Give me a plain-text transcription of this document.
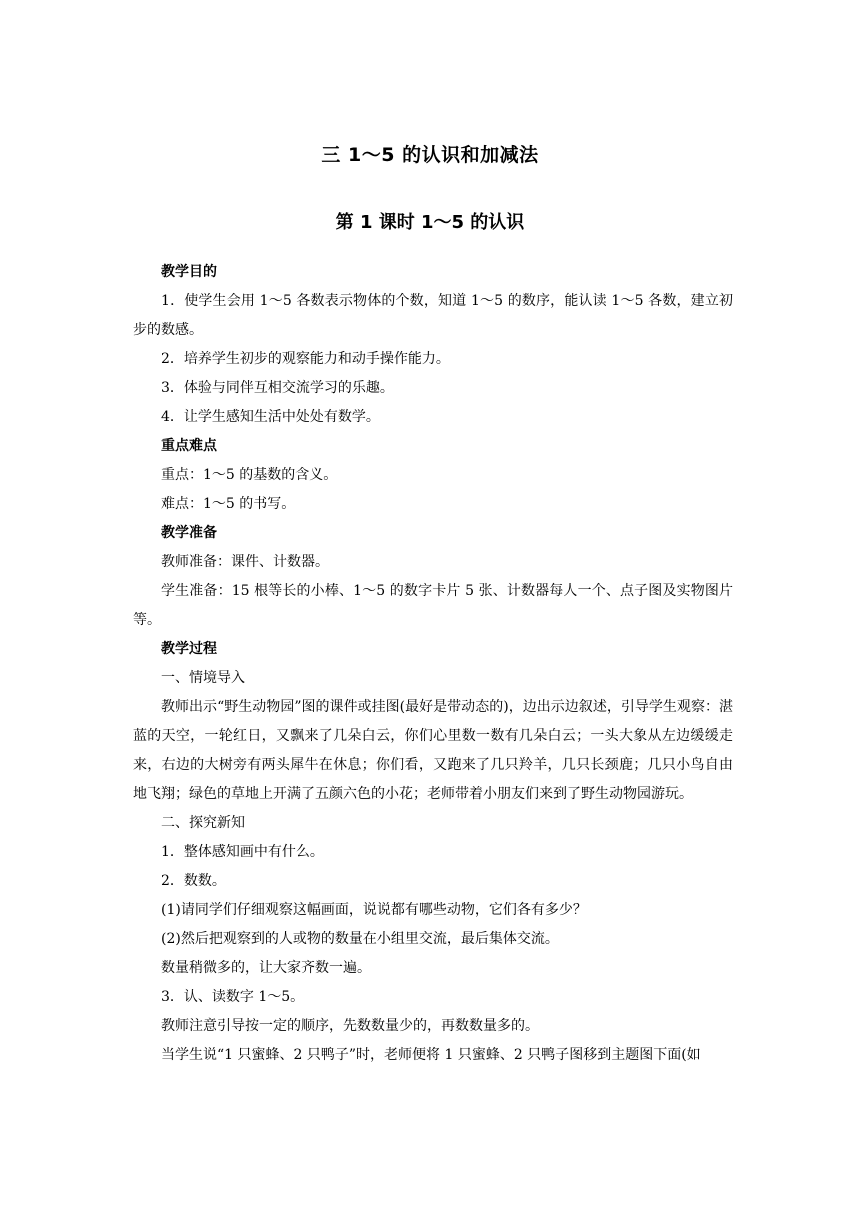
三 1～5 的认识和加减法
第 1 课时 1～5 的认识

教学目的

1．使学生会用 1～5 各数表示物体的个数，知道 1～5 的数序，能认读 1～5 各数，建立初步的数感。

2．培养学生初步的观察能力和动手操作能力。

3．体验与同伴互相交流学习的乐趣。

4．让学生感知生活中处处有数学。

重点难点

重点：1～5 的基数的含义。

难点：1～5 的书写。

教学准备

教师准备：课件、计数器。

学生准备：15 根等长的小棒、1～5 的数字卡片 5 张、计数器每人一个、点子图及实物图片等。

教学过程

一、情境导入

教师出示“野生动物园”图的课件或挂图(最好是带动态的)，边出示边叙述，引导学生观察：湛蓝的天空，一轮红日，又飘来了几朵白云，你们心里数一数有几朵白云；一头大象从左边缓缓走来，右边的大树旁有两头犀牛在休息；你们看，又跑来了几只羚羊，几只长颈鹿；几只小鸟自由地飞翔；绿色的草地上开满了五颜六色的小花；老师带着小朋友们来到了野生动物园游玩。

二、探究新知

1．整体感知画中有什么。

2．数数。

(1)请同学们仔细观察这幅画面，说说都有哪些动物，它们各有多少？

(2)然后把观察到的人或物的数量在小组里交流，最后集体交流。

数量稍微多的，让大家齐数一遍。

3．认、读数字 1～5。

教师注意引导按一定的顺序，先数数量少的，再数数量多的。

当学生说“1 只蜜蜂、2 只鸭子”时，老师便将 1 只蜜蜂、2 只鸭子图移到主题图下面(如
